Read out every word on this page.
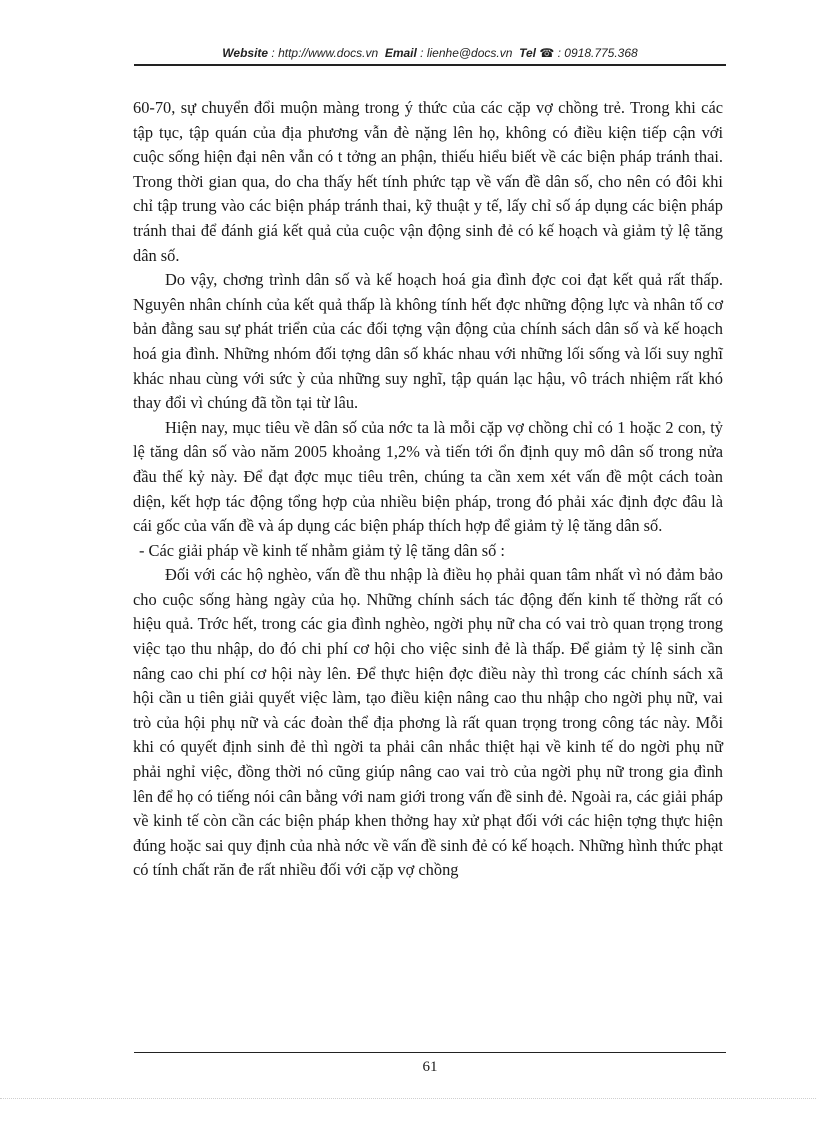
Website : http://www.docs.vn Email : lienhe@docs.vn Tel ☎ : 0918.775.368

60-70, sự chuyển đổi muộn màng trong ý thức của các cặp vợ chồng trẻ. Trong khi các tập tục, tập quán của địa phương vẫn đè nặng lên họ, không có điều kiện tiếp cận với cuộc sống hiện đại nên vẫn có t tởng an phận, thiếu hiểu biết về các biện pháp tránh thai. Trong thời gian qua, do cha thấy hết tính phức tạp về vấn đề dân số, cho nên có đôi khi chỉ tập trung vào các biện pháp tránh thai, kỹ thuật y tế, lấy chỉ số áp dụng các biện pháp tránh thai để đánh giá kết quả của cuộc vận động sinh đẻ có kế hoạch và giảm tỷ lệ tăng dân số.

Do vậy, chơng trình dân số và kế hoạch hoá gia đình đợc coi đạt kết quả rất thấp. Nguyên nhân chính của kết quả thấp là không tính hết đợc những động lực và nhân tố cơ bản đằng sau sự phát triển của các đối tợng vận động của chính sách dân số và kế hoạch hoá gia đình. Những nhóm đối tợng dân số khác nhau với những lối sống và lối suy nghĩ khác nhau cùng với sức ỳ của những suy nghĩ, tập quán lạc hậu, vô trách nhiệm rất khó thay đổi vì chúng đã tồn tại từ lâu.

Hiện nay, mục tiêu về dân số của nớc ta là mỗi cặp vợ chồng chỉ có 1 hoặc 2 con, tỷ lệ tăng dân số vào năm 2005 khoảng 1,2% và tiến tới ổn định quy mô dân số trong nửa đầu thế kỷ này. Để đạt đợc mục tiêu trên, chúng ta cần xem xét vấn đề một cách toàn diện, kết hợp tác động tổng hợp của nhiều biện pháp, trong đó phải xác định đợc đâu là cái gốc của vấn đề và áp dụng các biện pháp thích hợp để giảm tỷ lệ tăng dân số.

- Các giải pháp về kinh tế nhằm giảm tỷ lệ tăng dân số :

Đối với các hộ nghèo, vấn đề thu nhập là điều họ phải quan tâm nhất vì nó đảm bảo cho cuộc sống hàng ngày của họ. Những chính sách tác động đến kinh tế thờng rất có hiệu quả. Trớc hết, trong các gia đình nghèo, ngời phụ nữ cha có vai trò quan trọng trong việc tạo thu nhập, do đó chi phí cơ hội cho việc sinh đẻ là thấp. Để giảm tỷ lệ sinh cần nâng cao chi phí cơ hội này lên. Để thực hiện đợc điều này thì trong các chính sách xã hội cần u tiên giải quyết việc làm, tạo điều kiện nâng cao thu nhập cho ngời phụ nữ, vai trò của hội phụ nữ và các đoàn thể địa phơng là rất quan trọng trong công tác này. Mỗi khi có quyết định sinh đẻ thì ngời ta phải cân nhắc thiệt hại về kinh tế do ngời phụ nữ phải nghỉ việc, đồng thời nó cũng giúp nâng cao vai trò của ngời phụ nữ trong gia đình lên để họ có tiếng nói cân bằng với nam giới trong vấn đề sinh đẻ. Ngoài ra, các giải pháp về kinh tế còn cần các biện pháp khen thởng hay xử phạt đối với các hiện tợng thực hiện đúng hoặc sai quy định của nhà nớc về vấn đề sinh đẻ có kế hoạch. Những hình thức phạt có tính chất răn đe rất nhiều đối với cặp vợ chồng

61
